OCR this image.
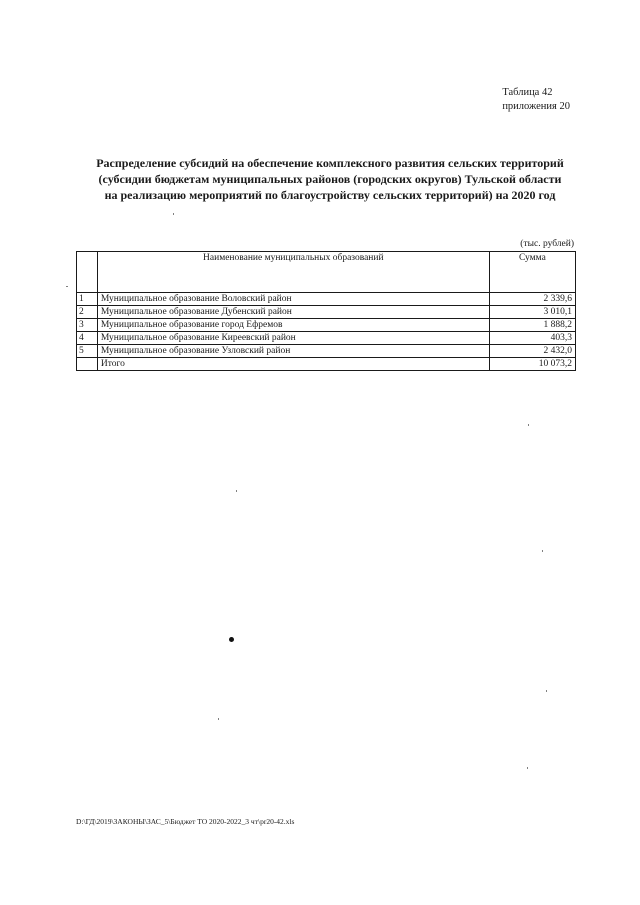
Таблица 42
приложения 20
Распределение субсидий на обеспечение комплексного развития сельских территорий
(субсидии бюджетам муниципальных районов (городских округов) Тульской области
на реализацию мероприятий по благоустройству сельских территорий) на 2020 год
(тыс. рублей)
	Наименование муниципальных образований	Сумма
1	Муниципальное образование Воловский район	2 339,6
2	Муниципальное образование Дубенский район	3 010,1
3	Муниципальное образование город Ефремов	1 888,2
4	Муниципальное образование Киреевский район	403,3
5	Муниципальное образование Узловский район	2 432,0
	Итого	10 073,2
D:\ГД\2019\ЗАКОНЫ\ЗАС_5\Бюджет ТО 2020-2022_3 чт\pr20-42.xls
